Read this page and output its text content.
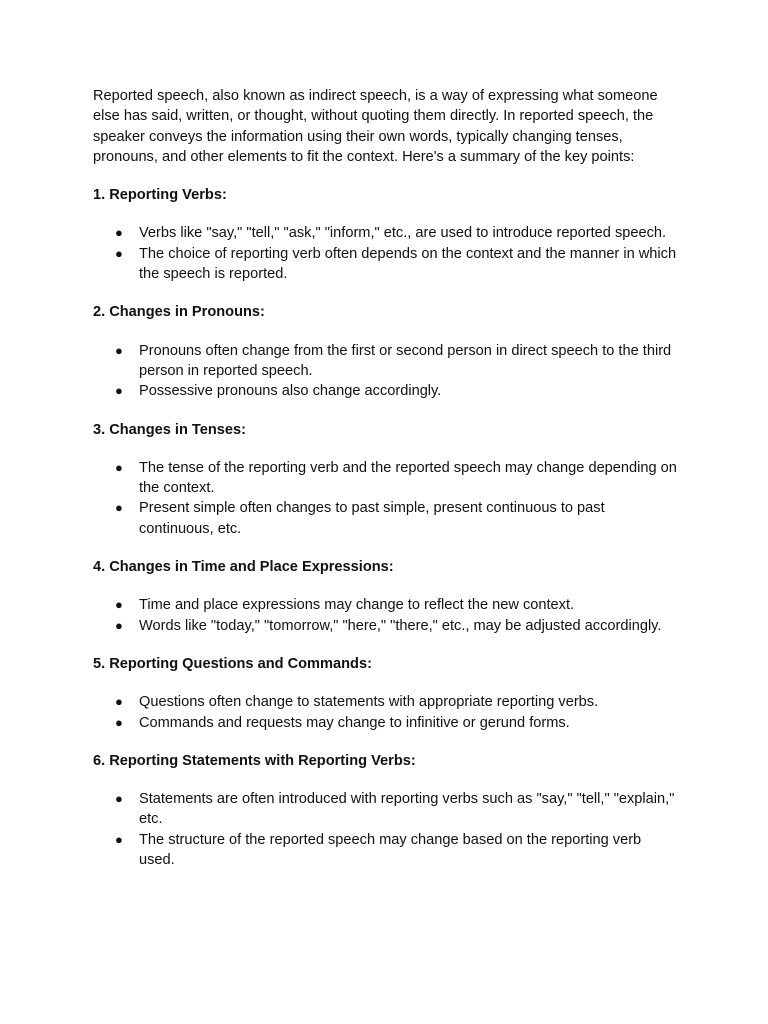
Reported speech, also known as indirect speech, is a way of expressing what someone else has said, written, or thought, without quoting them directly. In reported speech, the speaker conveys the information using their own words, typically changing tenses, pronouns, and other elements to fit the context. Here's a summary of the key points:

1. Reporting Verbs:

● Verbs like "say," "tell," "ask," "inform," etc., are used to introduce reported speech.
● The choice of reporting verb often depends on the context and the manner in which the speech is reported.

2. Changes in Pronouns:

● Pronouns often change from the first or second person in direct speech to the third person in reported speech.
● Possessive pronouns also change accordingly.

3. Changes in Tenses:

● The tense of the reporting verb and the reported speech may change depending on the context.
● Present simple often changes to past simple, present continuous to past continuous, etc.

4. Changes in Time and Place Expressions:

● Time and place expressions may change to reflect the new context.
● Words like "today," "tomorrow," "here," "there," etc., may be adjusted accordingly.

5. Reporting Questions and Commands:

● Questions often change to statements with appropriate reporting verbs.
● Commands and requests may change to infinitive or gerund forms.

6. Reporting Statements with Reporting Verbs:

● Statements are often introduced with reporting verbs such as "say," "tell," "explain," etc.
● The structure of the reported speech may change based on the reporting verb used.
